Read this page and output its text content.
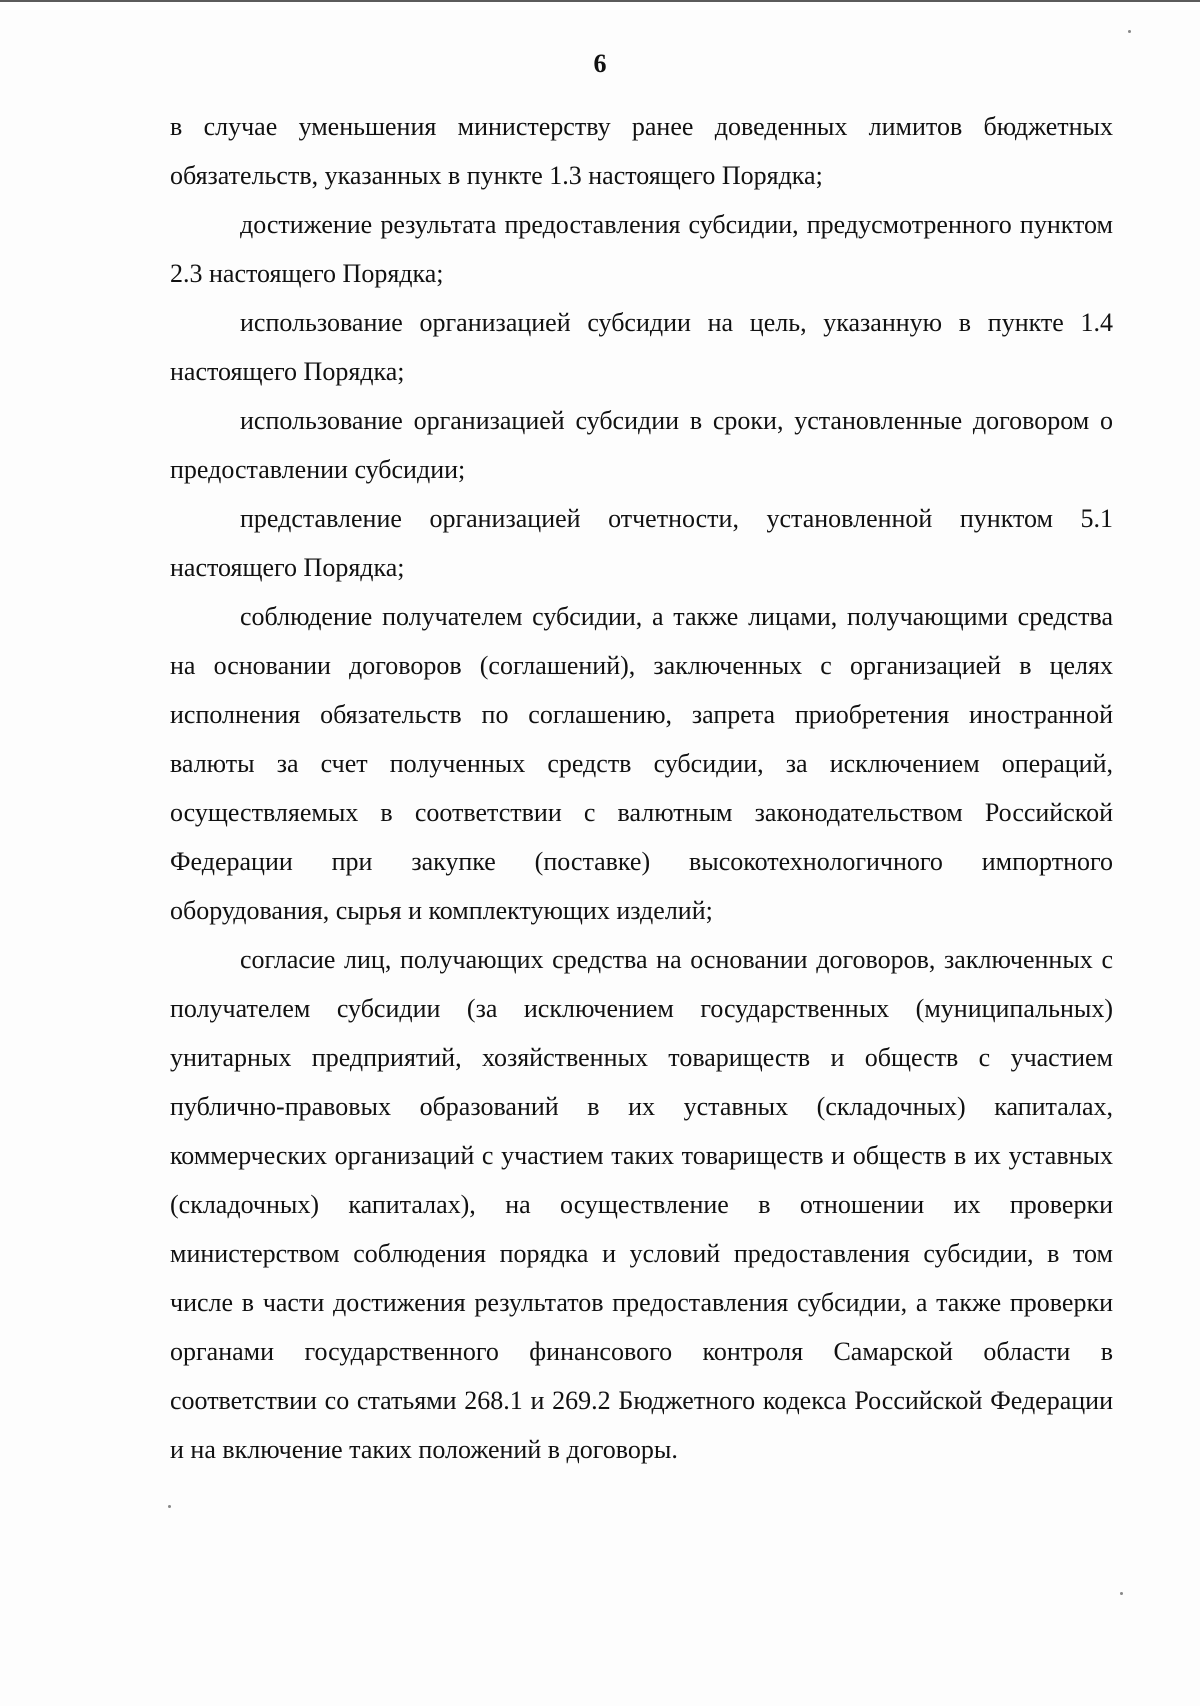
6

в случае уменьшения министерству ранее доведенных лимитов бюджетных обязательств, указанных в пункте 1.3 настоящего Порядка;

достижение результата предоставления субсидии, предусмотренного пунктом 2.3 настоящего Порядка;

использование организацией субсидии на цель, указанную в пункте 1.4 настоящего Порядка;

использование организацией субсидии в сроки, установленные договором о предоставлении субсидии;

представление организацией отчетности, установленной пунктом 5.1 настоящего Порядка;

соблюдение получателем субсидии, а также лицами, получающими средства на основании договоров (соглашений), заключенных с организацией в целях исполнения обязательств по соглашению, запрета приобретения иностранной валюты за счет полученных средств субсидии, за исключением операций, осуществляемых в соответствии с валютным законодательством Российской Федерации при закупке (поставке) высокотехнологичного импортного оборудования, сырья и комплектующих изделий;

согласие лиц, получающих средства на основании договоров, заключенных с получателем субсидии (за исключением государственных (муниципальных) унитарных предприятий, хозяйственных товариществ и обществ с участием публично-правовых образований в их уставных (складочных) капиталах, коммерческих организаций с участием таких товариществ и обществ в их уставных (складочных) капиталах), на осуществление в отношении их проверки министерством соблюдения порядка и условий предоставления субсидии, в том числе в части достижения результатов предоставления субсидии, а также проверки органами государственного финансового контроля Самарской области в соответствии со статьями 268.1 и 269.2 Бюджетного кодекса Российской Федерации и на включение таких положений в договоры.
